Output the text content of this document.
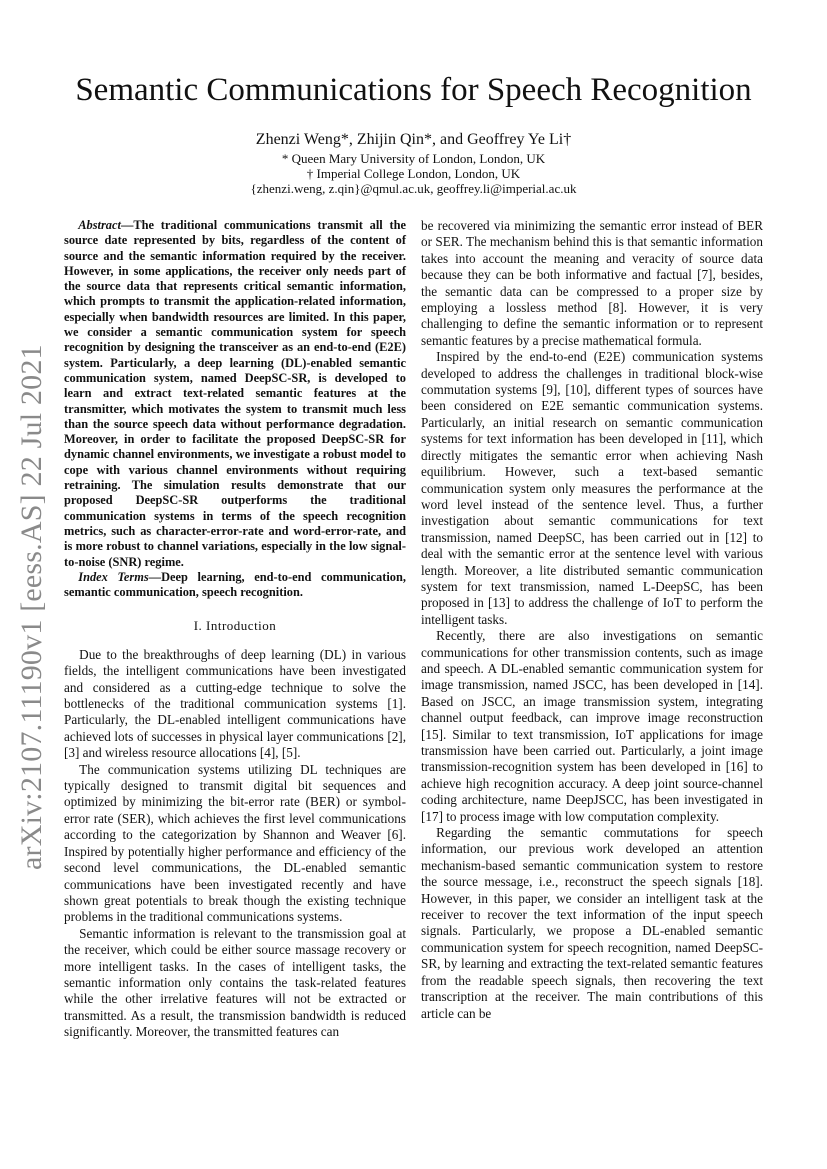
arXiv:2107.11190v1 [eess.AS] 22 Jul 2021
Semantic Communications for Speech Recognition
Zhenzi Weng*, Zhijin Qin*, and Geoffrey Ye Li†
* Queen Mary University of London, London, UK
† Imperial College London, London, UK
{zhenzi.weng, z.qin}@qmul.ac.uk, geoffrey.li@imperial.ac.uk

Abstract—The traditional communications transmit all the source date represented by bits, regardless of the content of source and the semantic information required by the receiver. However, in some applications, the receiver only needs part of the source data that represents critical semantic information, which prompts to transmit the application-related information, especially when bandwidth resources are limited. In this paper, we consider a semantic communication system for speech recognition by designing the transceiver as an end-to-end (E2E) system. Particularly, a deep learning (DL)-enabled semantic communication system, named DeepSC-SR, is developed to learn and extract text-related semantic features at the transmitter, which motivates the system to transmit much less than the source speech data without performance degradation. Moreover, in order to facilitate the proposed DeepSC-SR for dynamic channel environments, we investigate a robust model to cope with various channel environments without requiring retraining. The simulation results demonstrate that our proposed DeepSC-SR outperforms the traditional communication systems in terms of the speech recognition metrics, such as character-error-rate and word-error-rate, and is more robust to channel variations, especially in the low signal-to-noise (SNR) regime.

Index Terms—Deep learning, end-to-end communication, semantic communication, speech recognition.

I. Introduction

Due to the breakthroughs of deep learning (DL) in various fields, the intelligent communications have been investigated and considered as a cutting-edge technique to solve the bottlenecks of the traditional communication systems [1]. Particularly, the DL-enabled intelligent communications have achieved lots of successes in physical layer communications [2], [3] and wireless resource allocations [4], [5].

The communication systems utilizing DL techniques are typically designed to transmit digital bit sequences and optimized by minimizing the bit-error rate (BER) or symbol-error rate (SER), which achieves the first level communications according to the categorization by Shannon and Weaver [6]. Inspired by potentially higher performance and efficiency of the second level communications, the DL-enabled semantic communications have been investigated recently and have shown great potentials to break though the existing technique problems in the traditional communications systems.

Semantic information is relevant to the transmission goal at the receiver, which could be either source massage recovery or more intelligent tasks. In the cases of intelligent tasks, the semantic information only contains the task-related features while the other irrelative features will not be extracted or transmitted. As a result, the transmission bandwidth is reduced significantly. Moreover, the transmitted features can

be recovered via minimizing the semantic error instead of BER or SER. The mechanism behind this is that semantic information takes into account the meaning and veracity of source data because they can be both informative and factual [7], besides, the semantic data can be compressed to a proper size by employing a lossless method [8]. However, it is very challenging to define the semantic information or to represent semantic features by a precise mathematical formula.

Inspired by the end-to-end (E2E) communication systems developed to address the challenges in traditional block-wise commutation systems [9], [10], different types of sources have been considered on E2E semantic communication systems. Particularly, an initial research on semantic communication systems for text information has been developed in [11], which directly mitigates the semantic error when achieving Nash equilibrium. However, such a text-based semantic communication system only measures the performance at the word level instead of the sentence level. Thus, a further investigation about semantic communications for text transmission, named DeepSC, has been carried out in [12] to deal with the semantic error at the sentence level with various length. Moreover, a lite distributed semantic communication system for text transmission, named L-DeepSC, has been proposed in [13] to address the challenge of IoT to perform the intelligent tasks.

Recently, there are also investigations on semantic communications for other transmission contents, such as image and speech. A DL-enabled semantic communication system for image transmission, named JSCC, has been developed in [14]. Based on JSCC, an image transmission system, integrating channel output feedback, can improve image reconstruction [15]. Similar to text transmission, IoT applications for image transmission have been carried out. Particularly, a joint image transmission-recognition system has been developed in [16] to achieve high recognition accuracy. A deep joint source-channel coding architecture, name DeepJSCC, has been investigated in [17] to process image with low computation complexity.

Regarding the semantic commutations for speech information, our previous work developed an attention mechanism-based semantic communication system to restore the source message, i.e., reconstruct the speech signals [18]. However, in this paper, we consider an intelligent task at the receiver to recover the text information of the input speech signals. Particularly, we propose a DL-enabled semantic communication system for speech recognition, named DeepSC-SR, by learning and extracting the text-related semantic features from the readable speech signals, then recovering the text transcription at the receiver. The main contributions of this article can be
